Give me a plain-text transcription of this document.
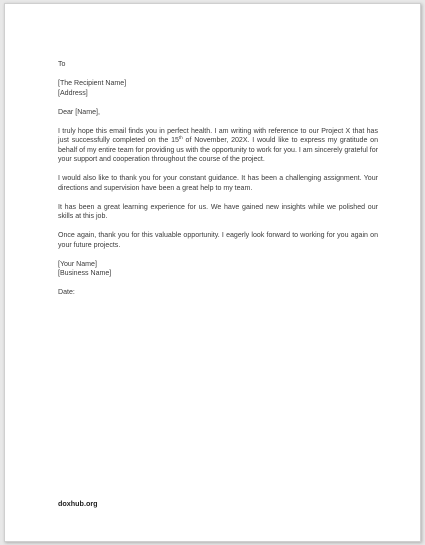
To

[The Recipient Name]

[Address]

Dear [Name],

I truly hope this email finds you in perfect health. I am writing with reference to our Project X that has just successfully completed on the 15th of November, 202X. I would like to express my gratitude on behalf of my entire team for providing us with the opportunity to work for you. I am sincerely grateful for your support and cooperation throughout the course of the project.

I would also like to thank you for your constant guidance. It has been a challenging assignment. Your directions and supervision have been a great help to my team.

It has been a great learning experience for us. We have gained new insights while we polished our skills at this job.

Once again, thank you for this valuable opportunity. I eagerly look forward to working for you again on your future projects.

[Your Name]

[Business Name]

Date:

doxhub.org
